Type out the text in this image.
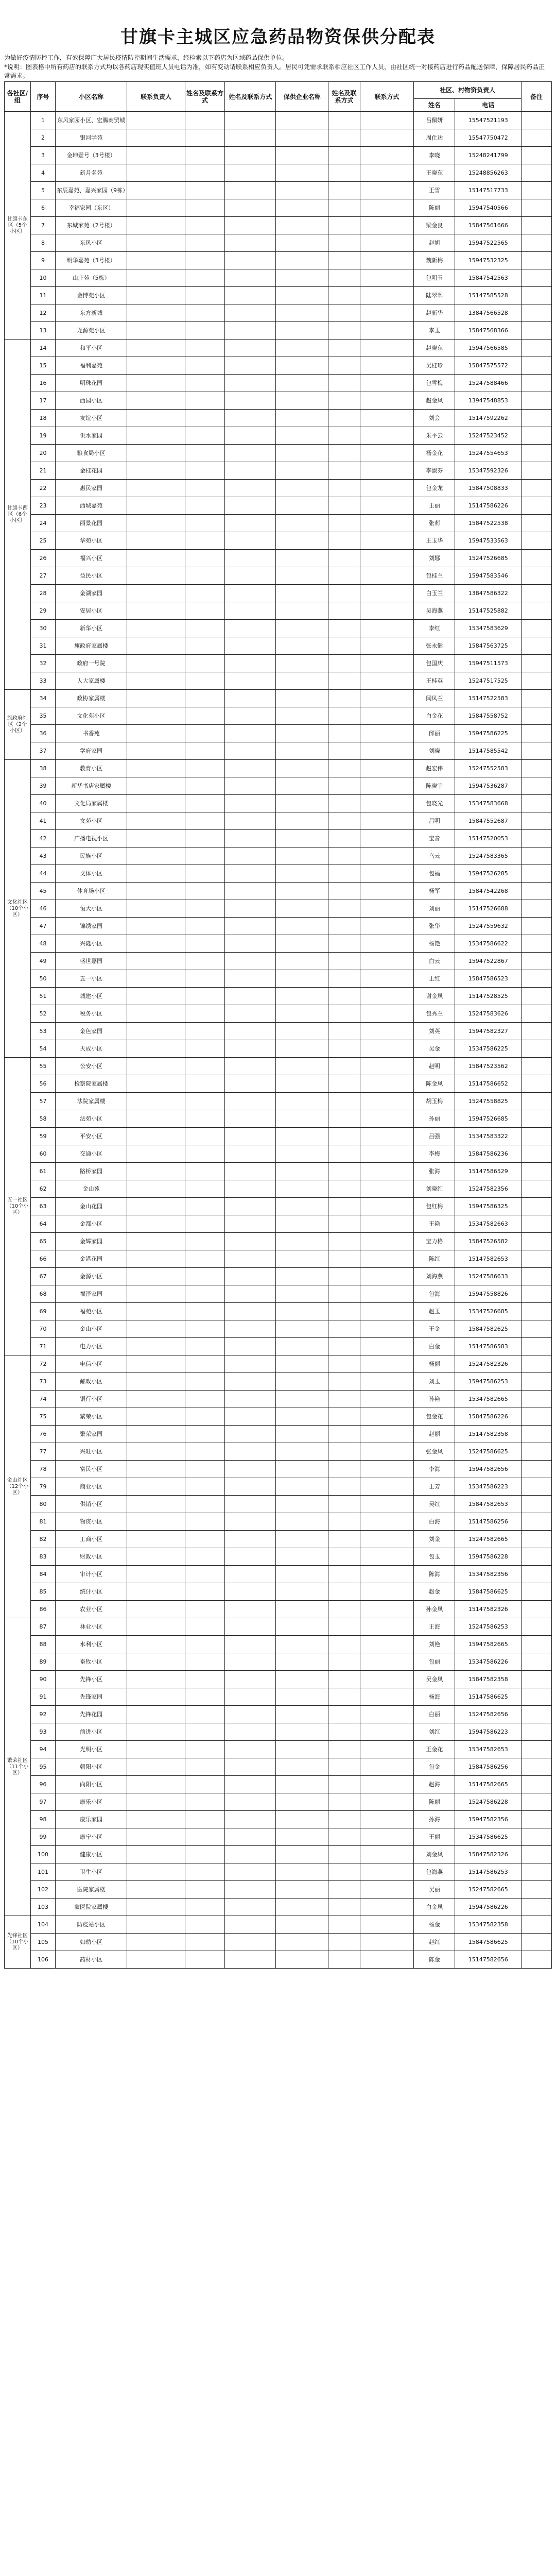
甘旗卡主城区应急药品物资保供分配表

为做好疫情防控工作，有效保障广大居民疫情防控期间生活需求，经检索以下药店为区域药品保供单位。

*说明：图表格中所有药店的联系方式均以各药店现实值班人员电话为准，如有变动请联系相应负责人。居民可凭需求联系相应社区工作人员，由社区统一对接药店进行药品配送保障，保障居民药品正常需求。

各社区/组	序号	小区名称	联系负责人	姓名及联系方式	姓名及联系方式	保供企业名称	姓名及联系方式	联系方式	社区、村物资负责人		备注
									姓名	电话	
甘旗卡东区（5个小区）	1	东风家园小区、宏腾商贸城							吕佩妍	15547521193	
	2	银河学苑							周仕达	15547750472	
	3	金坤壹号（3号楼）							李晓	15248241799	
	4	新月名苑							王晓东	15248856263	
	5	东辰嘉苑、嘉兴家园（9栋）							王雪	15147517733	
	6	幸福家园（东区）							陈丽	15947540566	
	7	东城家苑（2号楼）							梁金良	15847561666	
	8	东风小区							赵旭	15947522565	
	9	明华嘉苑（3号楼）							魏新梅	15947532325	
	10	山庄苑（5栋）							包明玉	15847542563	
	11	金博苑小区							陆翠翠	15147585528	
	12	东方新城							赵新华	13847566528	
	13	龙源苑小区							李玉	15847568366	
甘旗卡西区（6个小区）	14	和平小区							赵晓东	15947566585	
	15	福利嘉苑							吴桂珍	15847575572	
	16	明珠花园							包雪梅	15247588466	
	17	西园小区							赵金凤	13947548853	
	18	友谊小区							刘会	15147592262	
	19	供水家园							朱平云	15247523452	
	20	粮食局小区							杨金花	15247554653	
	21	金桂花园							李淑芬	15347592326	
	22	惠民家园							包金龙	15847508833	
	23	西城嘉苑							王丽	15147586226	
	24	丽景花园							张莉	15847522538	
	25	华苑小区							王玉华	15947533563	
	26	福兴小区							刘娜	15247526685	
	27	益民小区							包桂兰	15947583546	
	28	金湖家园							白玉兰	13847586322	
	29	安居小区							吴海燕	15147525882	
	30	新华小区							李红	15347583629	
	31	旗政府家属楼							张永健	15847563725	
	32	政府一号院							包国庆	15947511573	
	33	人大家属楼							王桂英	15247517525	
旗政府社区（2个小区）	34	政协家属楼							闫凤兰	15147522583	
	35	文化苑小区							白金花	15847558752	
	36	书香苑							邱丽	15947586225	
	37	学府家园							刘晓	15147585542	
文化社区（10个小区）	38	教育小区							赵宏伟	15247552583	
	39	新华书店家属楼							陈晓宇	15947536287	
	40	文化局家属楼							包晓光	15347583668	
	41	文苑小区							吕明	15847552687	
	42	广播电视小区							宝音	15147520053	
	43	民族小区							乌云	15247583365	
	44	文体小区							包福	15947526285	
	45	体育场小区							杨军	15847542268	
	46	恒大小区							刘丽	15147526688	
	47	锦绣家园							张华	15247559632	
	48	兴隆小区							杨艳	15347586622	
	49	盛世嘉园							白云	15947522867	
	50	五一小区							王红	15847586523	
	51	城建小区							谢金凤	15147528525	
	52	税务小区							包秀兰	15247583626	
	53	金色家园							刘英	15947582327	
	54	天成小区							吴金	15347586225	
五一社区（10个小区）	55	公安小区							赵明	15847523562	
	56	检察院家属楼							陈金凤	15147586652	
	57	法院家属楼							胡玉梅	15247558825	
	58	法苑小区							孙丽	15947526685	
	59	平安小区							吕强	15347583322	
	60	交通小区							李梅	15847586236	
	61	路桥家园							张海	15147586529	
	62	金山苑							刘晓红	15247582356	
	63	金山花园							包红梅	15947586325	
	64	金都小区							王艳	15347582663	
	65	金辉家园							宝力格	15847526582	
	66	金港花园							陈红	15147582653	
	67	金源小区							刘海燕	15247586633	
	68	福泽家园							包海	15947558826	
	69	福苑小区							赵玉	15347526685	
	70	金山小区							王金	15847582625	
	71	电力小区							白金	15147586583	
金山社区（12个小区）	72	电信小区							杨丽	15247582326	
	73	邮政小区							刘玉	15947586253	
	74	银行小区							孙艳	15347582665	
	75	繁荣小区							包金花	15847586226	
	76	繁荣家园							赵丽	15147582358	
	77	兴旺小区							张金凤	15247586625	
	78	富民小区							李海	15947582656	
	79	商业小区							王芳	15347586223	
	80	供销小区							吴红	15847582653	
	81	物资小区							白海	15147586256	
	82	工商小区							刘金	15247582665	
	83	财政小区							包玉	15947586228	
	84	审计小区							陈海	15347582356	
	85	统计小区							赵金	15847586625	
	86	农业小区							孙金凤	15147582326	
繁荣社区（11个小区）	87	林业小区							王海	15247586253	
	88	水利小区							刘艳	15947582665	
	89	畜牧小区							包丽	15347586226	
	90	先锋小区							吴金凤	15847582358	
	91	先锋家园							杨海	15147586625	
	92	先锋花园							白丽	15247582656	
	93	前进小区							刘红	15947586223	
	94	光明小区							王金花	15347582653	
	95	朝阳小区							包金	15847586256	
	96	向阳小区							赵海	15147582665	
	97	康乐小区							陈丽	15247586228	
	98	康乐家园							孙海	15947582356	
	99	康宁小区							王丽	15347586625	
	100	健康小区							刘金凤	15847582326	
	101	卫生小区							包海燕	15147586253	
	102	医院家属楼							吴丽	15247582665	
	103	蒙医院家属楼							白金凤	15947586226	
先锋社区（10个小区）	104	防疫站小区							杨金	15347582358	
	105	妇幼小区							赵红	15847586625	
	106	药材小区							陈金	15147582656	
